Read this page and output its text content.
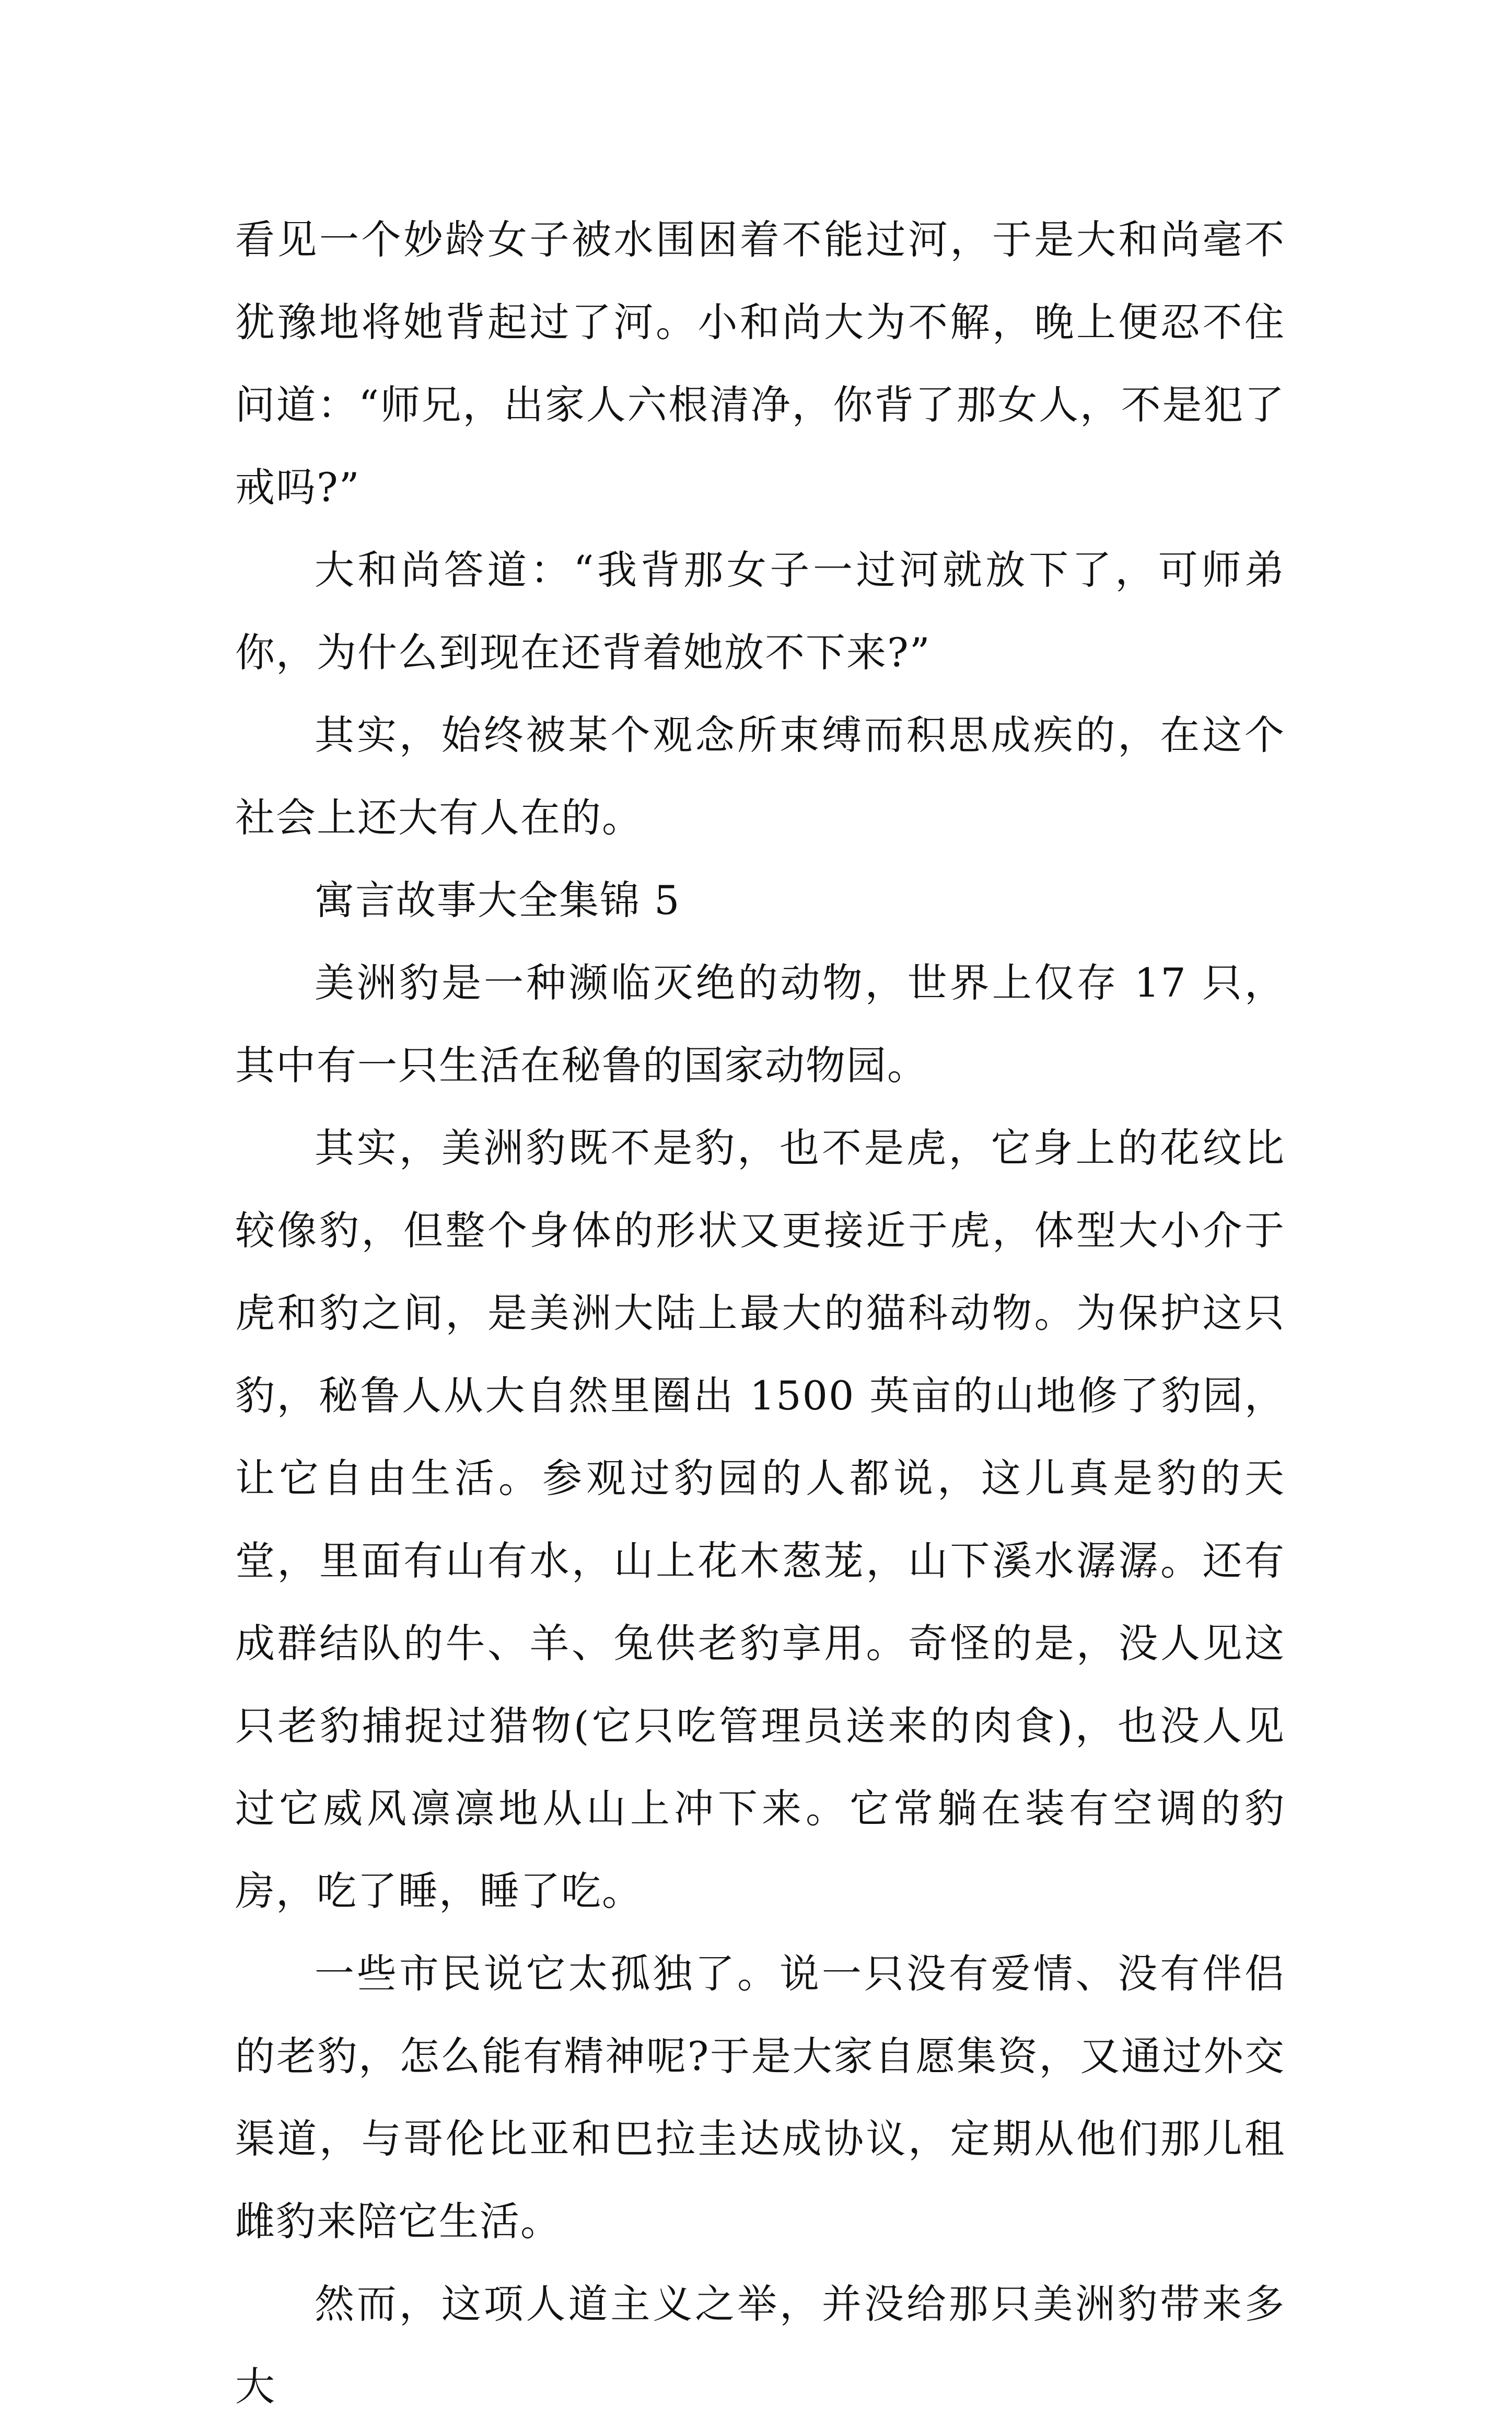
看见一个妙龄女子被水围困着不能过河，于是大和尚毫不犹豫地将她背起过了河。小和尚大为不解，晚上便忍不住问道：“师兄，出家人六根清净，你背了那女人，不是犯了戒吗?”

大和尚答道：“我背那女子一过河就放下了，可师弟你，为什么到现在还背着她放不下来?”

其实，始终被某个观念所束缚而积思成疾的，在这个社会上还大有人在的。

寓言故事大全集锦 5

美洲豹是一种濒临灭绝的动物，世界上仅存 17 只，其中有一只生活在秘鲁的国家动物园。

其实，美洲豹既不是豹，也不是虎，它身上的花纹比较像豹，但整个身体的形状又更接近于虎，体型大小介于虎和豹之间，是美洲大陆上最大的猫科动物。为保护这只豹，秘鲁人从大自然里圈出 1500 英亩的山地修了豹园，让它自由生活。参观过豹园的人都说，这儿真是豹的天堂，里面有山有水，山上花木葱茏，山下溪水潺潺。还有成群结队的牛、羊、兔供老豹享用。奇怪的是，没人见这只老豹捕捉过猎物(它只吃管理员送来的肉食)，也没人见过它威风凛凛地从山上冲下来。它常躺在装有空调的豹房，吃了睡，睡了吃。

一些市民说它太孤独了。说一只没有爱情、没有伴侣的老豹，怎么能有精神呢?于是大家自愿集资，又通过外交渠道，与哥伦比亚和巴拉圭达成协议，定期从他们那儿租雌豹来陪它生活。

然而，这项人道主义之举，并没给那只美洲豹带来多大
